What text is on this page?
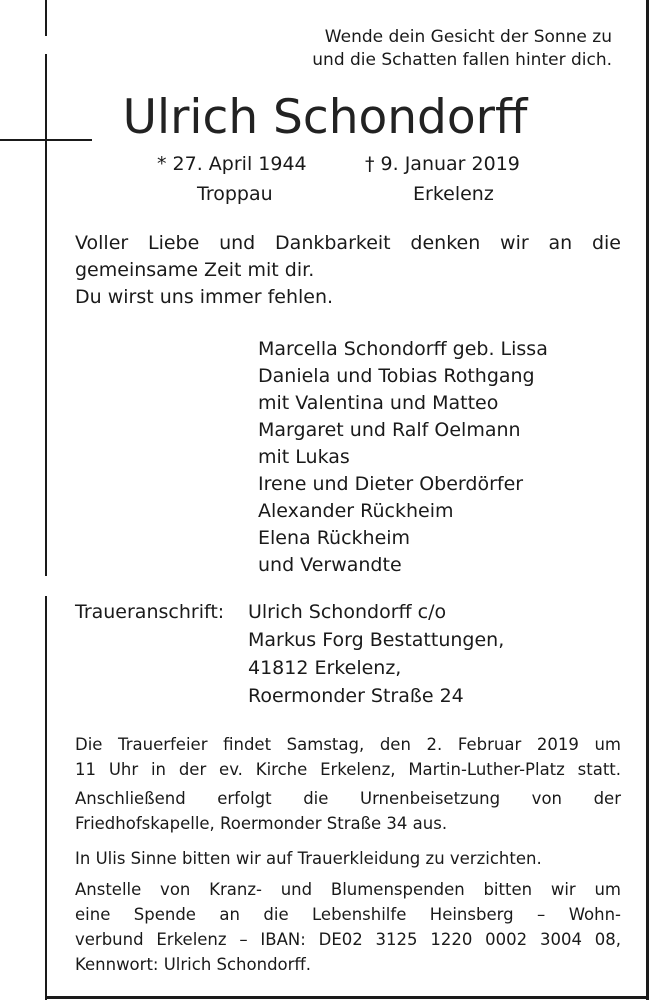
Wende dein Gesicht der Sonne zu
und die Schatten fallen hinter dich.
Ulrich Schondorff
* 27. April 1944
Troppau
† 9. Januar 2019
Erkelenz
Voller Liebe und Dankbarkeit denken wir an die
gemeinsame Zeit mit dir.
Du wirst uns immer fehlen.
Marcella Schondorff geb. Lissa
Daniela und Tobias Rothgang
mit Valentina und Matteo
Margaret und Ralf Oelmann
mit Lukas
Irene und Dieter Oberdörfer
Alexander Rückheim
Elena Rückheim
und Verwandte
Traueranschrift: Ulrich Schondorff c/o
Markus Forg Bestattungen,
41812 Erkelenz,
Roermonder Straße 24
Die Trauerfeier findet Samstag, den 2. Februar 2019 um
11 Uhr in der ev. Kirche Erkelenz, Martin-Luther-Platz statt.
Anschließend erfolgt die Urnenbeisetzung von der
Friedhofskapelle, Roermonder Straße 34 aus.
In Ulis Sinne bitten wir auf Trauerkleidung zu verzichten.
Anstelle von Kranz- und Blumenspenden bitten wir um
eine Spende an die Lebenshilfe Heinsberg – Wohn-
verbund Erkelenz – IBAN: DE02 3125 1220 0002 3004 08,
Kennwort: Ulrich Schondorff.
